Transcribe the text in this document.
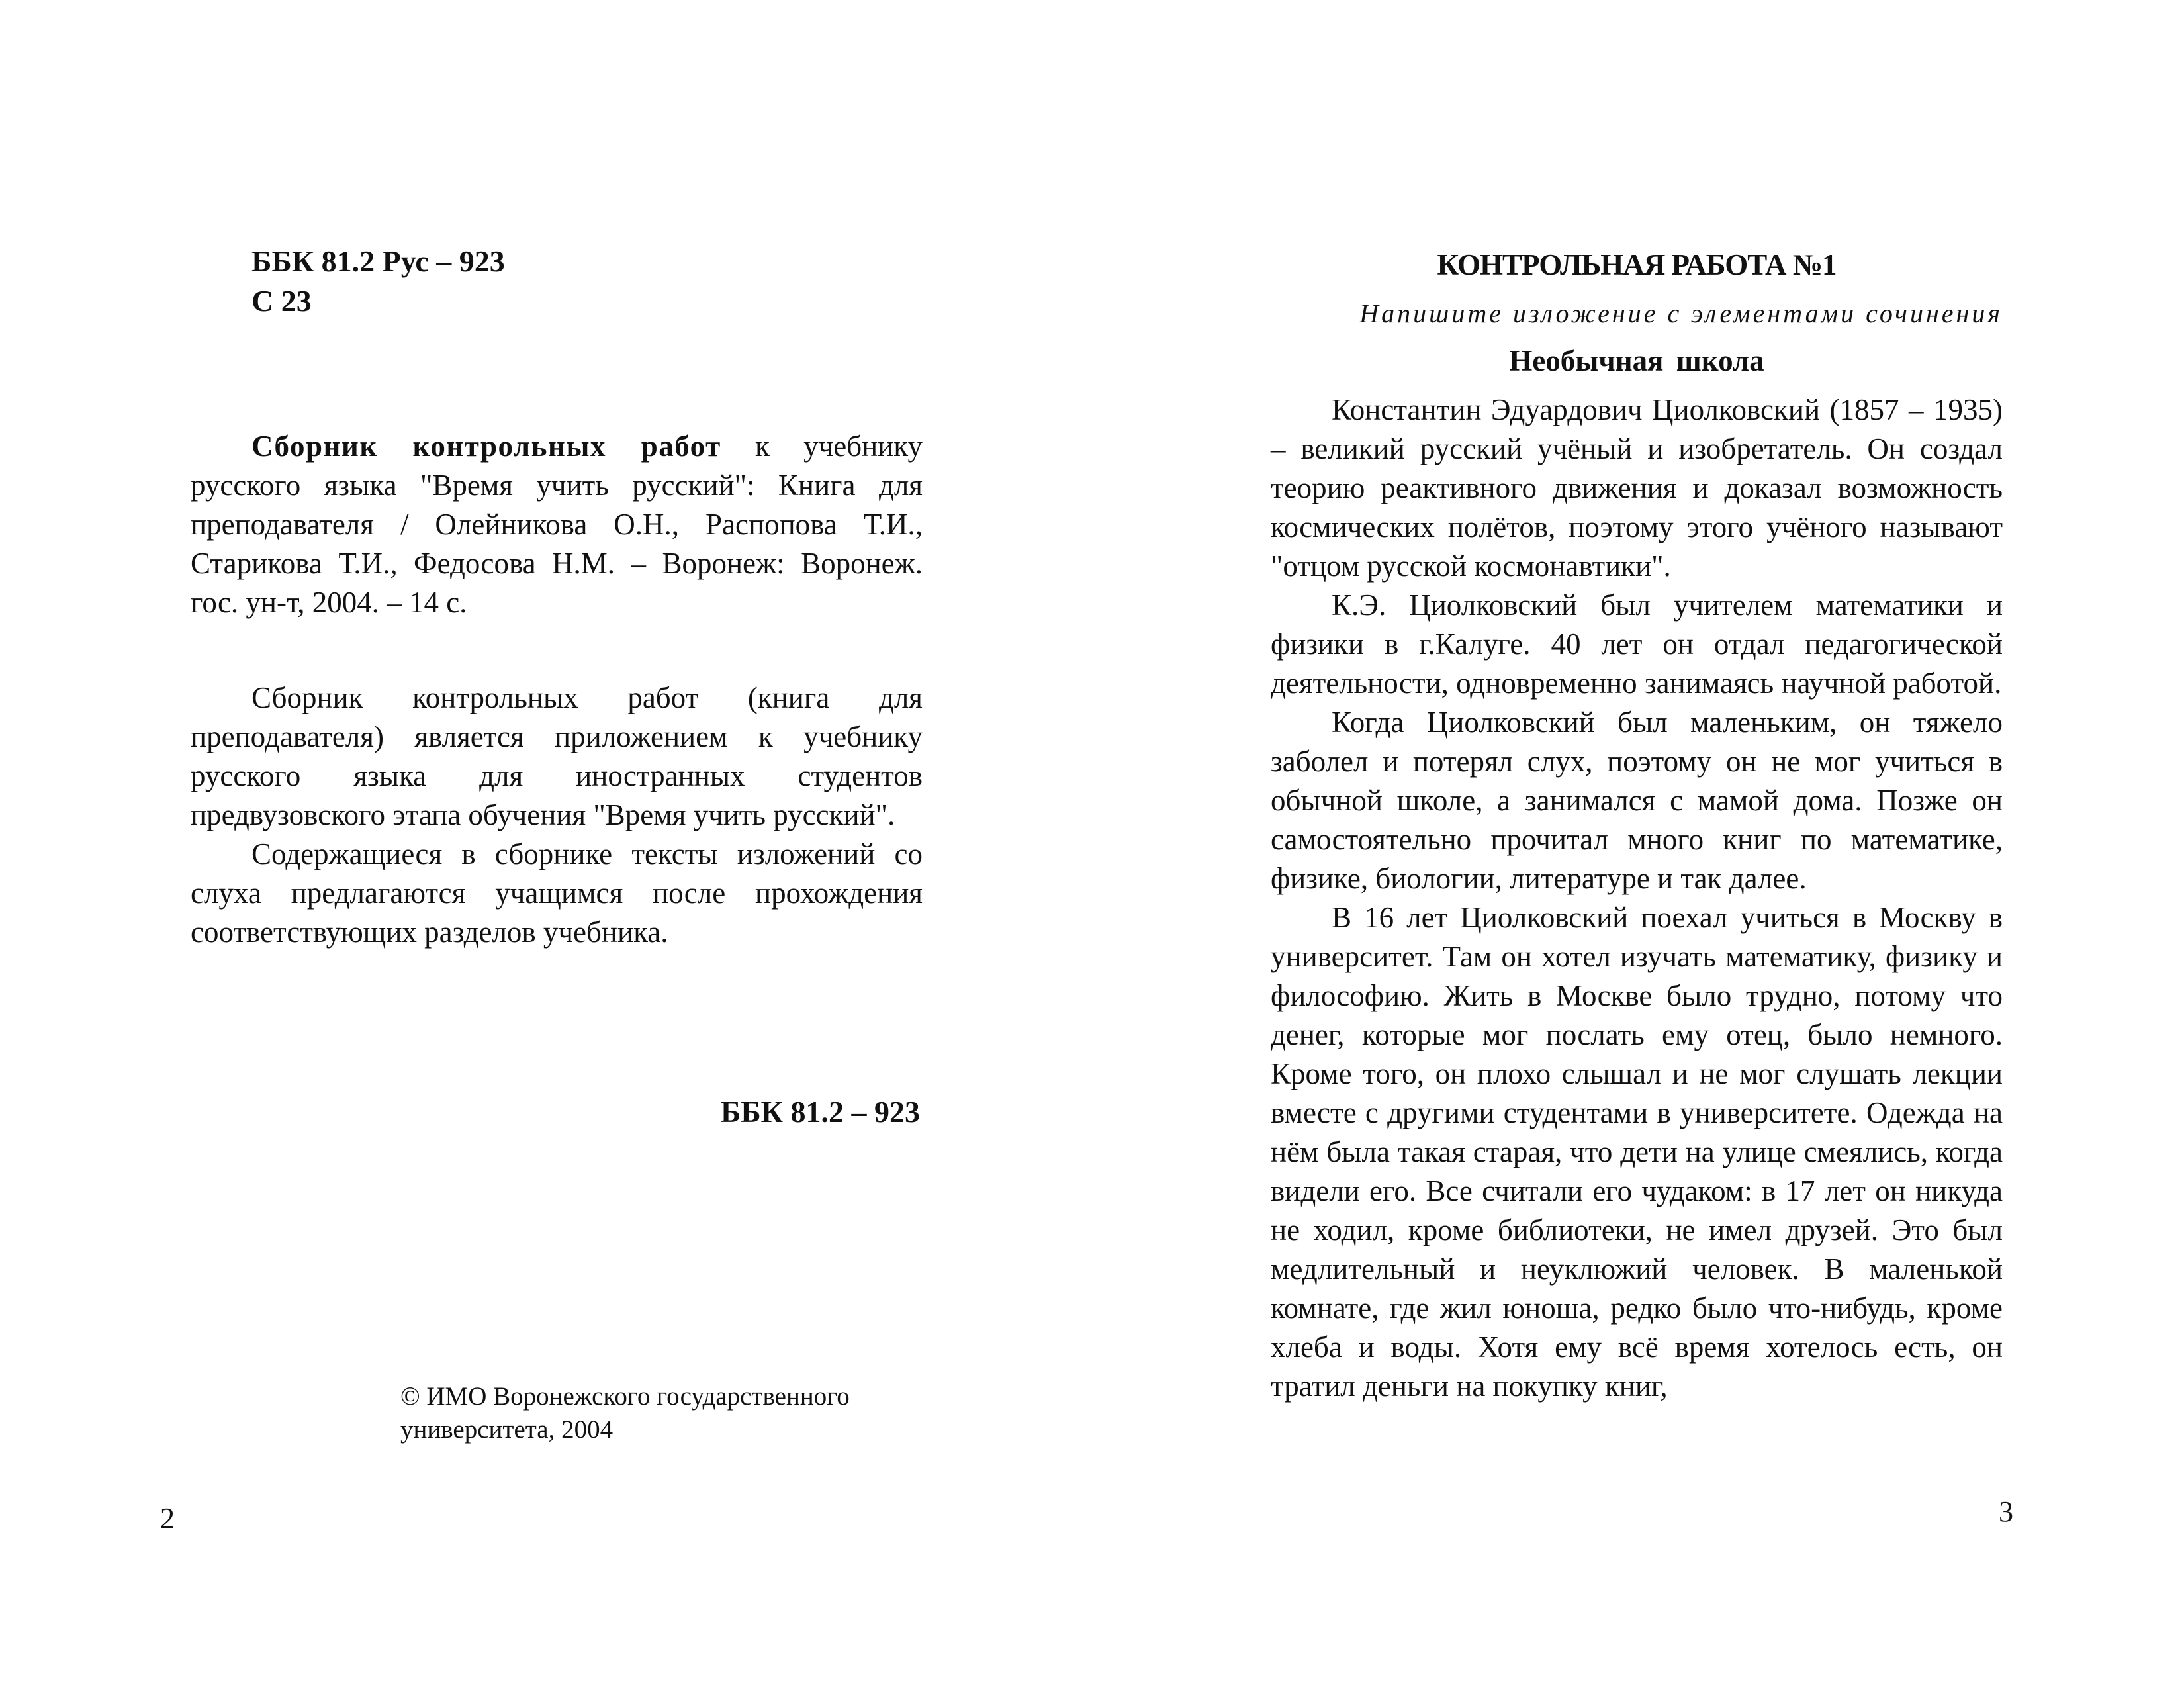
ББК 81.2 Рус – 923
С 23
Сборник контрольных работ к учебнику русского языка "Время учить русский": Книга для преподавателя / Олейникова О.Н., Распопова Т.И., Старикова Т.И., Федосова Н.М. – Воронеж: Воронеж. гос. ун-т, 2004. – 14 с.

Сборник контрольных работ (книга для преподавателя) является приложением к учебнику русского языка для иностранных студентов предвузовского этапа обучения "Время учить русский".

Содержащиеся в сборнике тексты изложений со слуха предлагаются учащимся после прохождения соответствующих разделов учебника.

ББК 81.2 – 923
© ИМО Воронежского государственного
университета, 2004
2
КОНТРОЛЬНАЯ РАБОТА №1
Напишите изложение с элементами сочинения
Необычная школа

Константин Эдуардович Циолковский (1857 – 1935) – великий русский учёный и изобретатель. Он создал теорию реактивного движения и доказал возможность космических полётов, поэтому этого учёного называют "отцом русской космонавтики".

К.Э. Циолковский был учителем математики и физики в г.Калуге. 40 лет он отдал педагогической деятельности, одновременно занимаясь научной работой.

Когда Циолковский был маленьким, он тяжело заболел и потерял слух, поэтому он не мог учиться в обычной школе, а занимался с мамой дома. Позже он самостоятельно прочитал много книг по математике, физике, биологии, литературе и так далее.

В 16 лет Циолковский поехал учиться в Москву в университет. Там он хотел изучать математику, физику и философию. Жить в Москве было трудно, потому что денег, которые мог послать ему отец, было немного. Кроме того, он плохо слышал и не мог слушать лекции вместе с другими студентами в университете. Одежда на нём была такая старая, что дети на улице смеялись, когда видели его. Все считали его чудаком: в 17 лет он никуда не ходил, кроме библиотеки, не имел друзей. Это был медлительный и неуклюжий человек. В маленькой комнате, где жил юноша, редко было что-нибудь, кроме хлеба и воды. Хотя ему всё время хотелось есть, он тратил деньги на покупку книг,

3
